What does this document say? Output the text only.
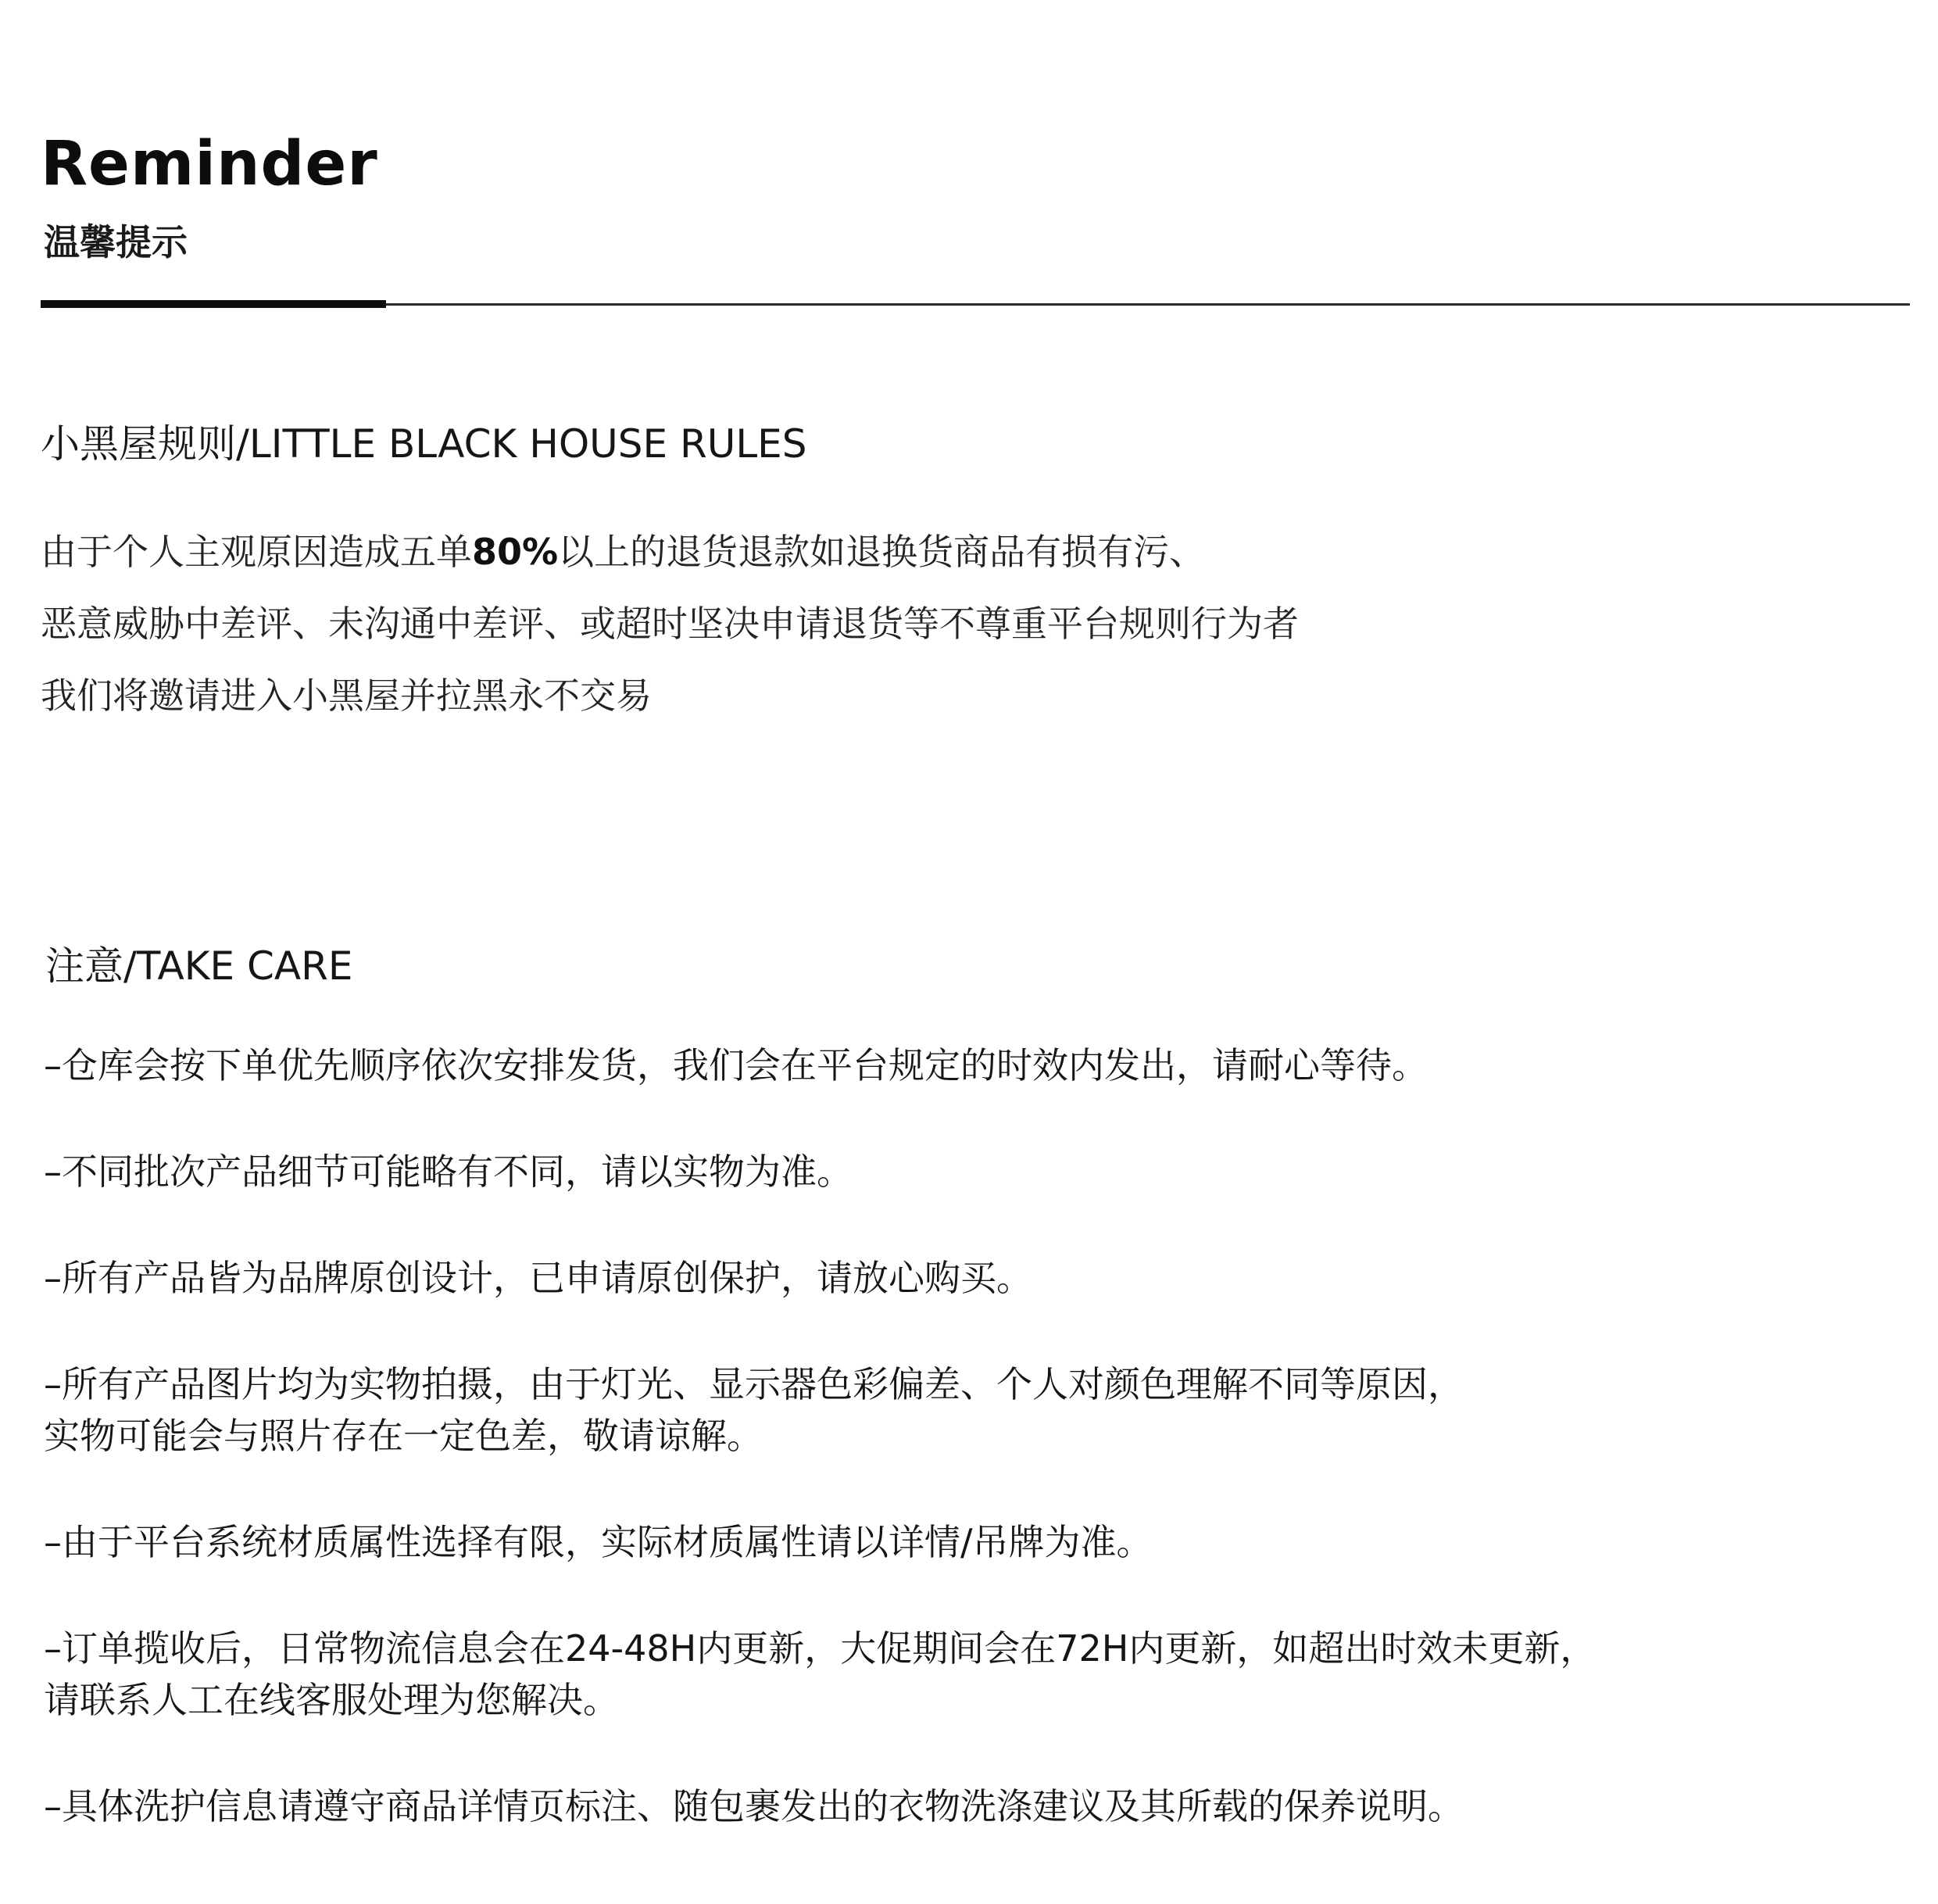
Reminder
温馨提示
小黑屋规则/LITTLE BLACK HOUSE RULES
由于个人主观原因造成五单80%以上的退货退款如退换货商品有损有污、
恶意威胁中差评、未沟通中差评、或超时坚决申请退货等不尊重平台规则行为者
我们将邀请进入小黑屋并拉黑永不交易
注意/TAKE CARE
–仓库会按下单优先顺序依次安排发货，我们会在平台规定的时效内发出，请耐心等待。
–不同批次产品细节可能略有不同，请以实物为准。
–所有产品皆为品牌原创设计，已申请原创保护，请放心购买。
–所有产品图片均为实物拍摄，由于灯光、显示器色彩偏差、个人对颜色理解不同等原因，
实物可能会与照片存在一定色差，敬请谅解。
–由于平台系统材质属性选择有限，实际材质属性请以详情/吊牌为准。
–订单揽收后，日常物流信息会在24-48H内更新，大促期间会在72H内更新，如超出时效未更新，
请联系人工在线客服处理为您解决。
–具体洗护信息请遵守商品详情页标注、随包裹发出的衣物洗涤建议及其所载的保养说明。
